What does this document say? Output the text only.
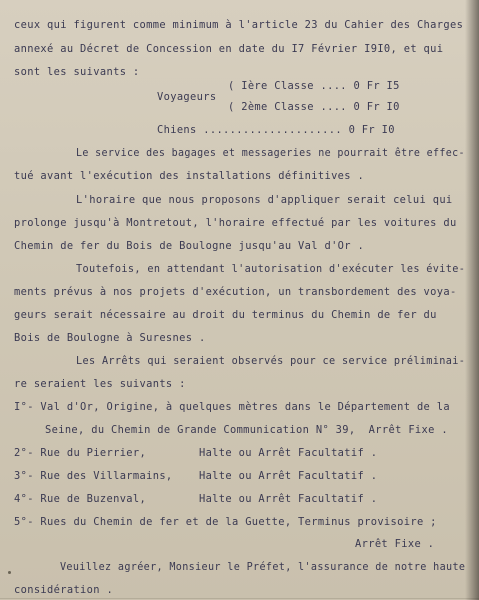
ceux qui figurent comme minimum à l'article 23 du Cahier des Charges
annexé au Décret de Concession en date du I7 Février I9I0, et qui
sont les suivants :
( Ière Classe .... 0 Fr I5
Voyageurs
( 2ème Classe .... 0 Fr I0
Chiens ..................... 0 Fr I0
Le service des bagages et messageries ne pourrait être effec-
tué avant l'exécution des installations définitives .
L'horaire que nous proposons d'appliquer serait celui qui
prolonge jusqu'à Montretout, l'horaire effectué par les voitures du
Chemin de fer du Bois de Boulogne jusqu'au Val d'Or .
Toutefois, en attendant l'autorisation d'exécuter les évite-
ments prévus à nos projets d'exécution, un transbordement des voya-
geurs serait nécessaire au droit du terminus du Chemin de fer du
Bois de Boulogne à Suresnes .
Les Arrêts qui seraient observés pour ce service préliminai-
re seraient les suivants :
I°- Val d'Or, Origine, à quelques mètres dans le Département de la
Seine, du Chemin de Grande Communication N° 39,  Arrêt Fixe .
2°- Rue du Pierrier,        Halte ou Arrêt Facultatif .
3°- Rue des Villarmains,    Halte ou Arrêt Facultatif .
4°- Rue de Buzenval,        Halte ou Arrêt Facultatif .
5°- Rues du Chemin de fer et de la Guette, Terminus provisoire ;
Arrêt Fixe .
Veuillez agréer, Monsieur le Préfet, l'assurance de notre haute
considération .
